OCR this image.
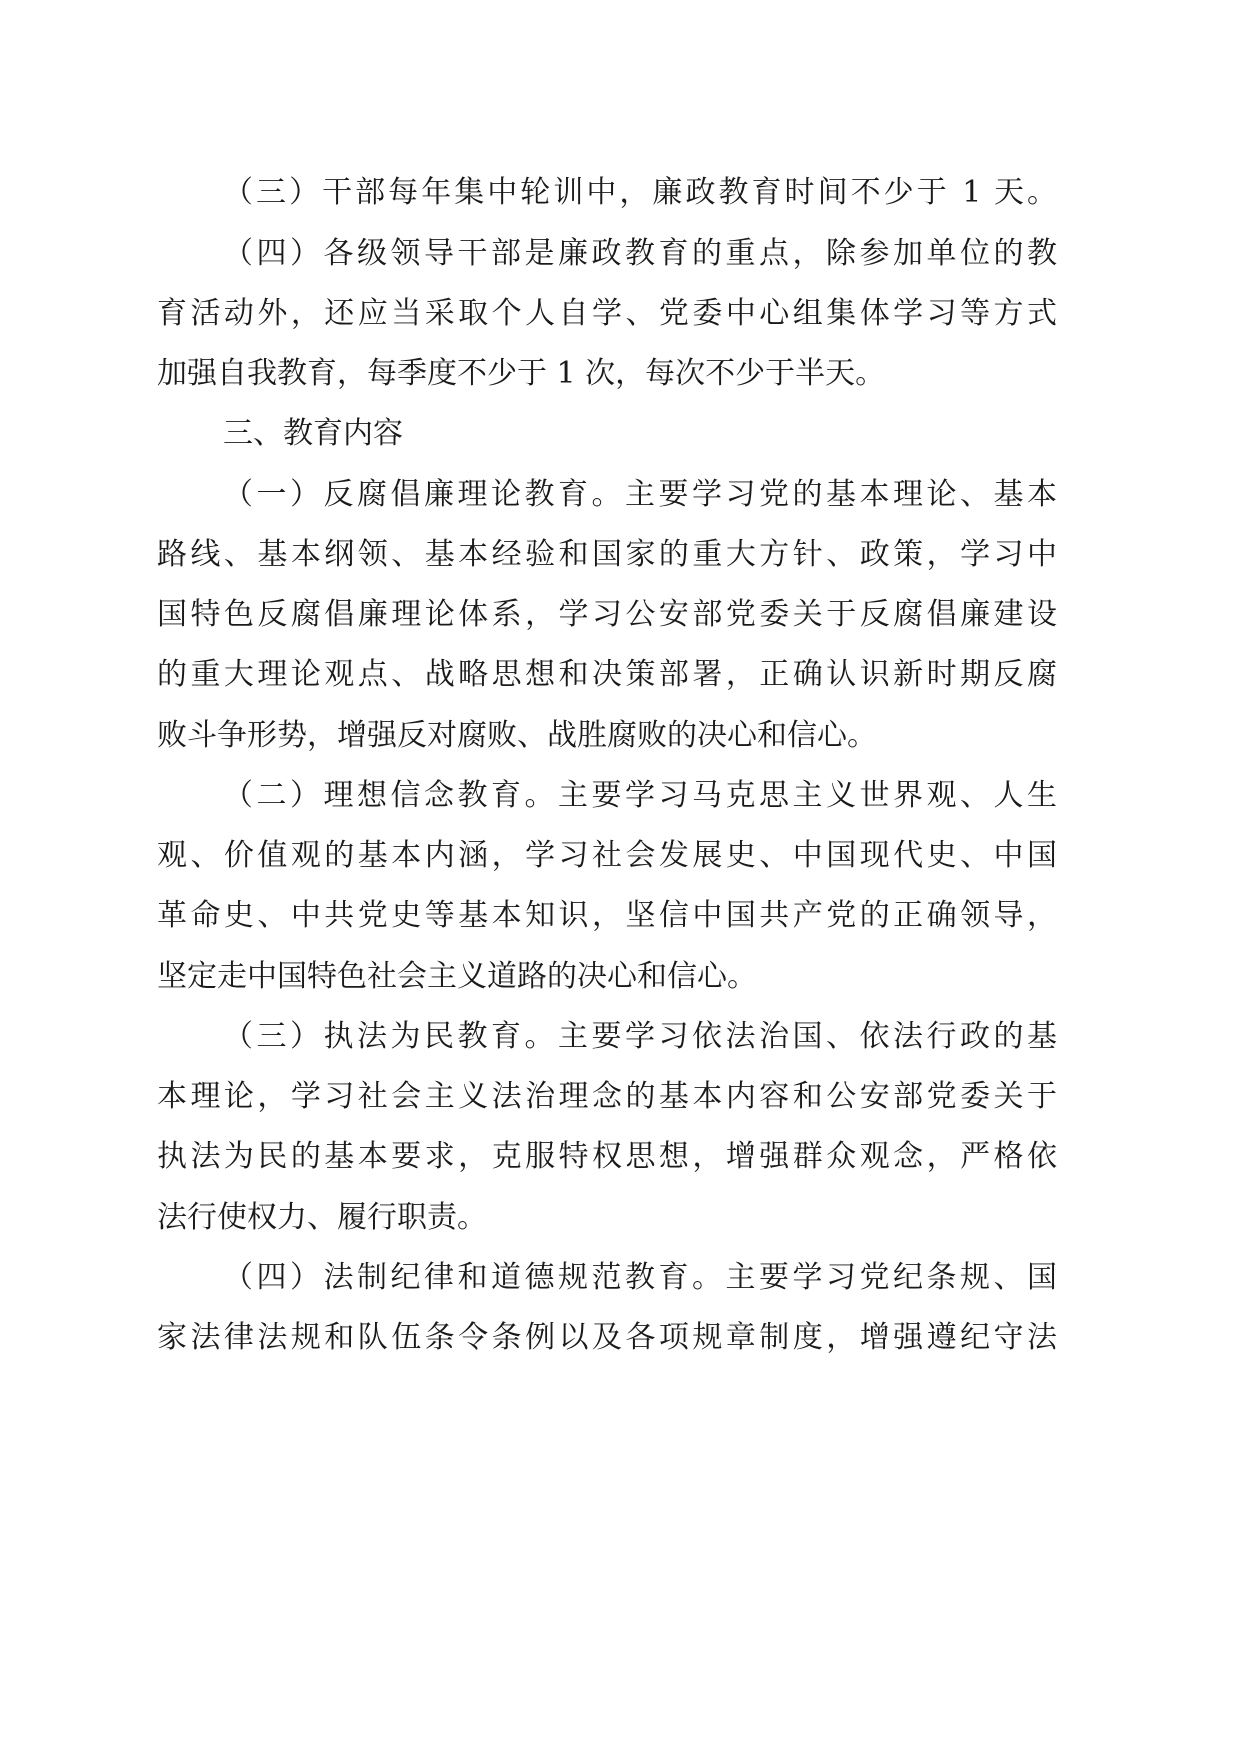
（三）干部每年集中轮训中，廉政教育时间不少于 1 天。
（四）各级领导干部是廉政教育的重点，除参加单位的教
育活动外，还应当采取个人自学、党委中心组集体学习等方式
加强自我教育，每季度不少于 1 次，每次不少于半天。
三、教育内容
（一）反腐倡廉理论教育。主要学习党的基本理论、基本
路线、基本纲领、基本经验和国家的重大方针、政策，学习中
国特色反腐倡廉理论体系，学习公安部党委关于反腐倡廉建设
的重大理论观点、战略思想和决策部署，正确认识新时期反腐
败斗争形势，增强反对腐败、战胜腐败的决心和信心。
（二）理想信念教育。主要学习马克思主义世界观、人生
观、价值观的基本内涵，学习社会发展史、中国现代史、中国
革命史、中共党史等基本知识，坚信中国共产党的正确领导，
坚定走中国特色社会主义道路的决心和信心。
（三）执法为民教育。主要学习依法治国、依法行政的基
本理论，学习社会主义法治理念的基本内容和公安部党委关于
执法为民的基本要求，克服特权思想，增强群众观念，严格依
法行使权力、履行职责。
（四）法制纪律和道德规范教育。主要学习党纪条规、国
家法律法规和队伍条令条例以及各项规章制度，增强遵纪守法
